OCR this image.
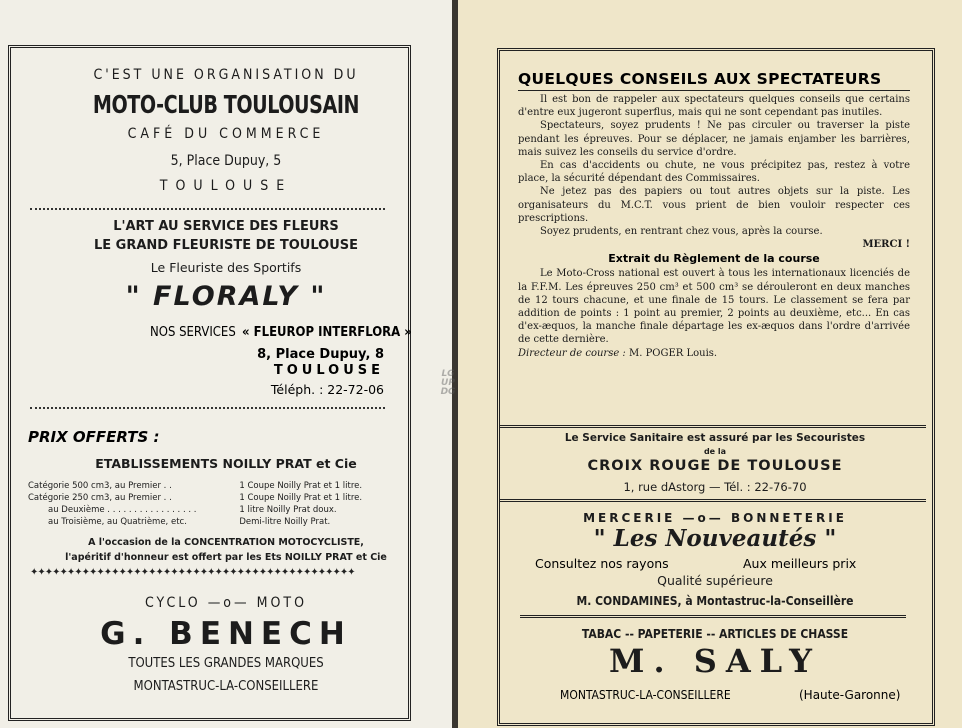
C'EST UNE ORGANISATION DU
MOTO-CLUB TOULOUSAIN
CAFÉ DU COMMERCE
5, Place Dupuy, 5
TOULOUSE
L'ART AU SERVICE DES FLEURS
LE GRAND FLEURISTE DE TOULOUSE
Le Fleuriste des Sportifs
" FLORALY "
NOS SERVICES « FLEUROP INTERFLORA »
8, Place Dupuy, 8
TOULOUSE
Téléph. : 22-72-06
PRIX OFFERTS :
ETABLISSEMENTS NOILLY PRAT et Cie
Catégorie 500 cm3, au Premier . .	1 Coupe Noilly Prat et 1 litre.
Catégorie 250 cm3, au Premier . .	1 Coupe Noilly Prat et 1 litre.
au Deuxième . . . . . . . . . . . . . . . . .	1 litre Noilly Prat doux.
au Troisième, au Quatrième, etc.	Demi-litre Noilly Prat.
A l'occasion de la CONCENTRATION MOTOCYCLISTE,
l'apéritif d'honneur est offert par les Ets NOILLY PRAT et Cie
✦✦✦✦✦✦✦✦✦✦✦✦✦✦✦✦✦✦✦✦✦✦✦✦✦✦✦✦✦✦✦✦✦✦✦✦✦✦✦✦✦✦✦✦
CYCLO —o— MOTO
G. BENECH
TOUTES LES GRANDES MARQUES
MONTASTRUC-LA-CONSEILLERE
QUELQUES CONSEILS AUX SPECTATEURS

Il est bon de rappeler aux spectateurs quelques conseils que certains d'entre eux jugeront superflus, mais qui ne sont cependant pas inutiles.

Spectateurs, soyez prudents ! Ne pas circuler ou traverser la piste pendant les épreuves. Pour se déplacer, ne jamais enjamber les barrières, mais suivez les conseils du service d'ordre.

En cas d'accidents ou chute, ne vous précipitez pas, restez à votre place, la sécurité dépendant des Commissaires.

Ne jetez pas des papiers ou tout autres objets sur la piste. Les organisateurs du M.C.T. vous prient de bien vouloir respecter ces prescriptions.

Soyez prudents, en rentrant chez vous, après la course.

MERCI !

Extrait du Règlement de la course

Le Moto-Cross national est ouvert à tous les internationaux licenciés de la F.F.M. Les épreuves 250 cm³ et 500 cm³ se dérouleront en deux manches de 12 tours chacune, et une finale de 15 tours. Le classement se fera par addition de points : 1 point au premier, 2 points au deuxième, etc... En cas d'ex-æquos, la manche finale départage les ex-æquos dans l'ordre d'arrivée de cette dernière.

Directeur de course : M. POGER Louis.

Le Service Sanitaire est assuré par les Secouristes
de la
CROIX ROUGE DE TOULOUSE
1, rue dAstorg — Tél. : 22-76-70
MERCERIE —o— BONNETERIE
" Les Nouveautés "
Consultez nos rayons	Aux meilleurs prix
Qualité supérieure
M. CONDAMINES, à Montastruc-la-Conseillère
TABAC -- PAPETERIE -- ARTICLES DE CHASSE
M. SALY
MONTASTRUC-LA-CONSEILLERE	(Haute-Garonne)
LG
UP
DG
